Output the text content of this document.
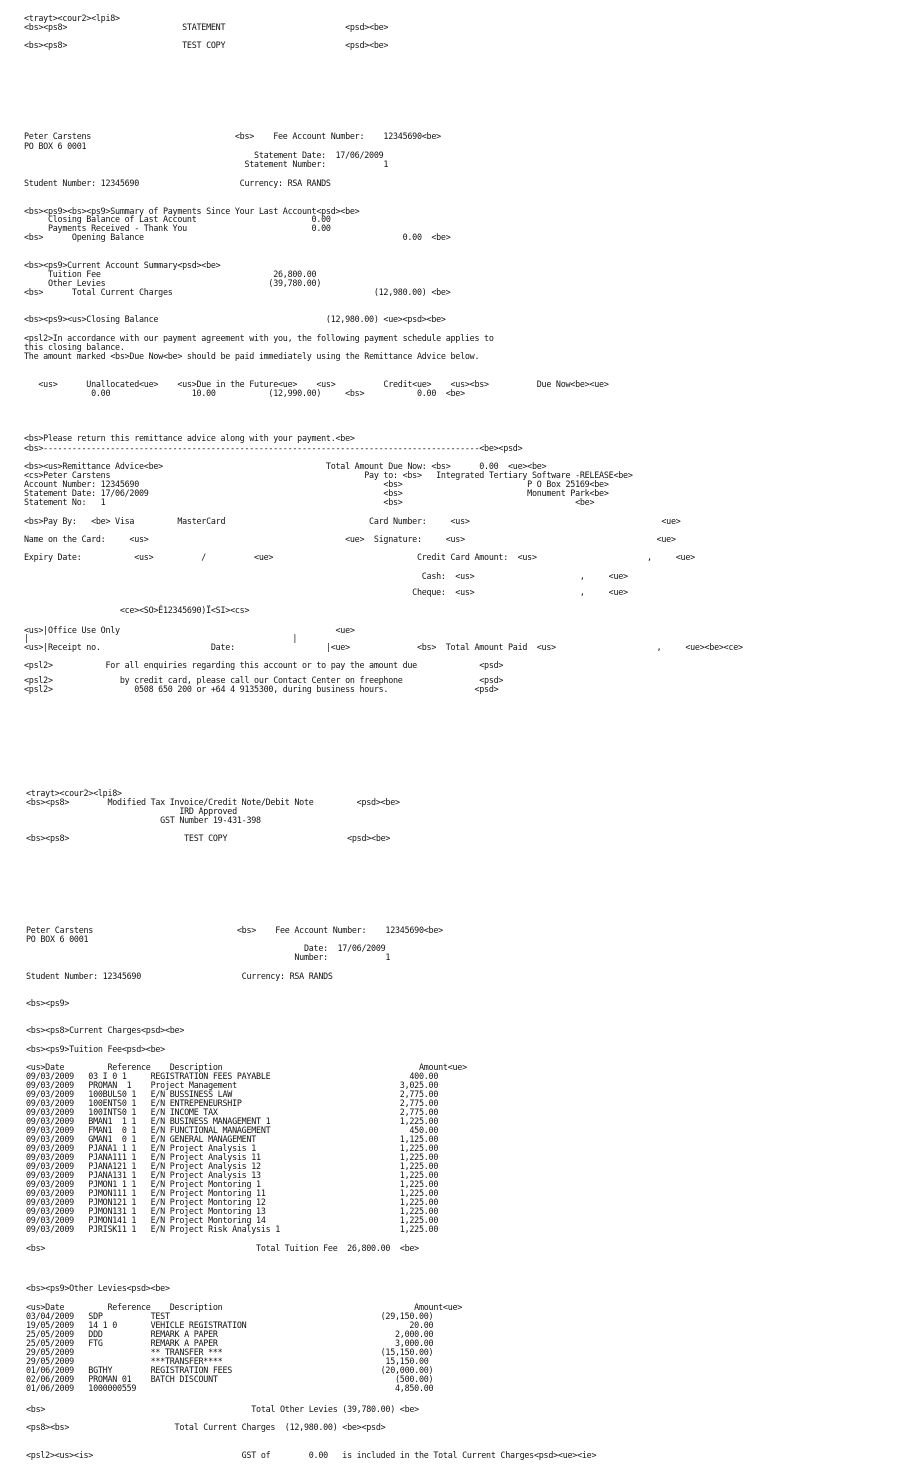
<trayt><cour2><lpi8>
<bs><ps8>                        STATEMENT                         <psd><be>
<bs><ps8>                        TEST COPY                         <psd><be>
Peter Carstens                              <bs>    Fee Account Number:    12345690<be>
PO BOX 6 0001
Statement Date:  17/06/2009
Statement Number:            1
Student Number: 12345690                     Currency: RSA RANDS
<bs><ps9><bs><ps9>Summary of Payments Since Your Last Account<psd><be>
Closing Balance of Last Account                        0.00
Payments Received - Thank You                          0.00
<bs>      Opening Balance                                                      0.00  <be>
<bs><ps9>Current Account Summary<psd><be>
Tuition Fee                                    26,800.00
Other Levies                                  (39,780.00)
<bs>      Total Current Charges                                          (12,980.00) <be>
<bs><ps9><us>Closing Balance                                   (12,980.00) <ue><psd><be>
<psl2>In accordance with our payment agreement with you, the following payment schedule applies to
this closing balance.
The amount marked <bs>Due Now<be> should be paid immediately using the Remittance Advice below.
<us>      Unallocated<ue>    <us>Due in the Future<ue>    <us>          Credit<ue>    <us><bs>          Due Now<be><ue>
0.00                 10.00           (12,990.00)     <bs>           0.00  <be>
<bs>Please return this remittance advice along with your payment.<be>
<bs>-------------------------------------------------------------------------------------------<be><psd>
<bs><us>Remittance Advice<be>                                  Total Amount Due Now: <bs>      0.00  <ue><be>
<cs>Peter Carstens                                                     Pay to: <bs>   Integrated Tertiary Software -RELEASE<be>
Account Number: 12345690                                                   <bs>                          P O Box 25169<be>
Statement Date: 17/06/2009                                                 <bs>                          Monument Park<be>
Statement No:   1                                                          <bs>                                    <be>
<bs>Pay By:   <be> Visa         MasterCard                              Card Number:     <us>                                        <ue>
Name on the Card:     <us>                                         <ue>  Signature:     <us>                                        <ue>
Expiry Date:           <us>          /          <ue>                              Credit Card Amount:  <us>                       ,     <ue>
Cash:  <us>                      ,     <ue>
Cheque:  <us>                      ,     <ue>
<ce><SO>Ê12345690)Ï<SI><cs>
<us>|Office Use Only                                             <ue>
|                                                       |
<us>|Receipt no.                       Date:                   |<ue>              <bs>  Total Amount Paid  <us>                     ,     <ue><be><ce>
<psl2>           For all enquiries regarding this account or to pay the amount due             <psd>
<psl2>              by credit card, please call our Contact Center on freephone                <psd>
<psl2>                 0508 650 200 or +64 4 9135300, during business hours.                  <psd>
<trayt><cour2><lpi8>
<bs><ps8>        Modified Tax Invoice/Credit Note/Debit Note         <psd><be>
IRD Approved
GST Number 19-431-398
<bs><ps8>                        TEST COPY                         <psd><be>
Peter Carstens                              <bs>    Fee Account Number:    12345690<be>
PO BOX 6 0001
Date:  17/06/2009
Number:            1
Student Number: 12345690                     Currency: RSA RANDS
<bs><ps9>
<bs><ps8>Current Charges<psd><be>
<bs><ps9>Tuition Fee<psd><be>
<us>Date         Reference    Description                                         Amount<ue>
09/03/2009   03 I 0 1     REGISTRATION FEES PAYABLE                             400.00
09/03/2009   PROMAN  1    Project Management                                  3,025.00
09/03/2009   100BULS0 1   E/N BUSSINESS LAW                                   2,775.00
09/03/2009   100ENTS0 1   E/N ENTREPENEURSHIP                                 2,775.00
09/03/2009   100INTS0 1   E/N INCOME TAX                                      2,775.00
09/03/2009   BMAN1  1 1   E/N BUSINESS MANAGEMENT 1                           1,225.00
09/03/2009   FMAN1  0 1   E/N FUNCTIONAL MANAGEMENT                             450.00
09/03/2009   GMAN1  0 1   E/N GENERAL MANAGEMENT                              1,125.00
09/03/2009   PJANA1 1 1   E/N Project Analysis 1                              1,225.00
09/03/2009   PJANA111 1   E/N Project Analysis 11                             1,225.00
09/03/2009   PJANA121 1   E/N Project Analysis 12                             1,225.00
09/03/2009   PJANA131 1   E/N Project Analysis 13                             1,225.00
09/03/2009   PJMON1 1 1   E/N Project Montoring 1                             1,225.00
09/03/2009   PJMON111 1   E/N Project Montoring 11                            1,225.00
09/03/2009   PJMON121 1   E/N Project Montoring 12                            1,225.00
09/03/2009   PJMON131 1   E/N Project Montoring 13                            1,225.00
09/03/2009   PJMON141 1   E/N Project Montoring 14                            1,225.00
09/03/2009   PJRISK11 1   E/N Project Risk Analysis 1                         1,225.00
<bs>                                            Total Tuition Fee  26,800.00  <be>
<bs><ps9>Other Levies<psd><be>
<us>Date         Reference    Description                                        Amount<ue>
03/04/2009   SDP          TEST                                            (29,150.00)
19/05/2009   14 1 0       VEHICLE REGISTRATION                                  20.00
25/05/2009   DDD          REMARK A PAPER                                     2,000.00
25/05/2009   FTG          REMARK A PAPER                                     3,000.00
29/05/2009                ** TRANSFER ***                                 (15,150.00)
29/05/2009                ***TRANSFER****                                  15,150.00
01/06/2009   BGTHY        REGISTRATION FEES                               (20,000.00)
02/06/2009   PROMAN 01    BATCH DISCOUNT                                     (500.00)
01/06/2009   1000000559                                                      4,850.00
<bs>                                           Total Other Levies (39,780.00) <be>
<ps8><bs>                      Total Current Charges  (12,980.00) <be><psd>
<psl2><us><is>                               GST of        0.00   is included in the Total Current Charges<psd><ue><ie>
